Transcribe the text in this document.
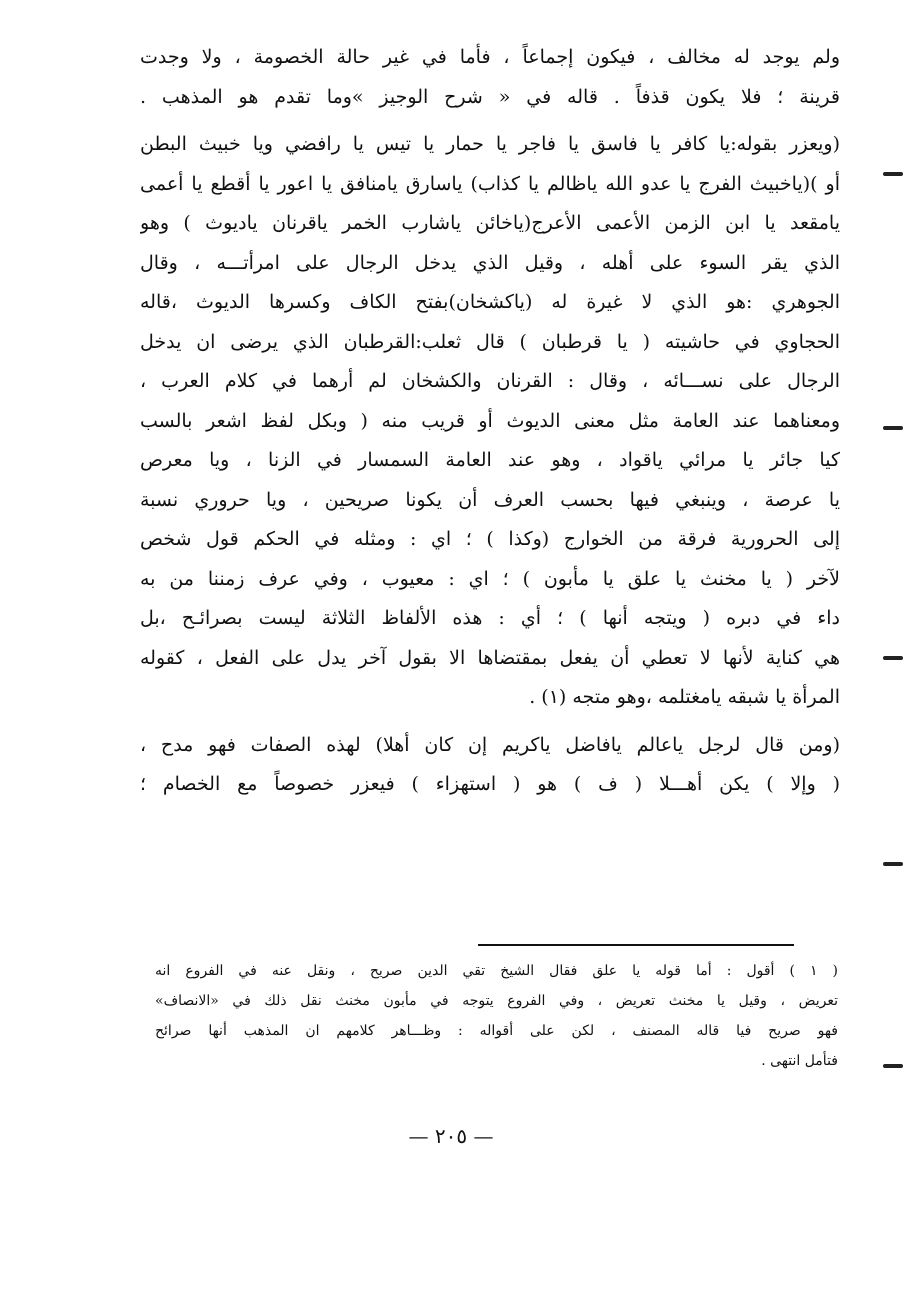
ولم يوجد له مخالف ، فيكون إجماعاً ، فأما في غير حالة الخصومة ، ولا وجدت
قرينة ؛ فلا يكون قذفاً . قاله في « شرح الوجيز »وما تقدم هو المذهب .
(ويعزر بقوله:يا كافر يا فاسق يا فاجر يا حمار يا تيس يا رافضي ويا خبيث البطن
أو )(ياخبيث الفرج يا عدو الله ياظالم يا كذاب) ياسارق يامنافق يا اعور يا أقطع يا أعمى
يامقعد يا ابن الزمن الأعمى الأعرج(ياخائن ياشارب الخمر ياقرنان ياديوث ) وهو
الذي يقر السوء على أهله ، وقيل الذي يدخل الرجال على امرأتـــه ، وقال
الجوهري :هو الذي لا غيرة له (ياكشخان)بفتح الكاف وكسرها الديوث ،قاله
الحجاوي في حاشيته ( يا قرطبان ) قال ثعلب:القرطبان الذي يرضى ان يدخل
الرجال على نســـائه ، وقال : القرنان والكشخان لم أرهما في كلام العرب ،
ومعناهما عند العامة مثل معنى الديوث أو قريب منه ( وبكل لفظ اشعر بالسب
كيا جائر يا مرائي ياقواد ، وهو عند العامة السمسار في الزنا ، ويا معرص
يا عرصة ، وينبغي فيها بحسب العرف أن يكونا صريحين ، ويا حروري نسبة
إلى الحرورية فرقة من الخوارج (وكذا ) ؛ اي : ومثله في الحكم قول شخص
لآخر ( يا مخنث يا علق يا مأبون ) ؛ اي : معيوب ، وفي عرف زمننا من به
داء في دبره ( ويتجه أنها ) ؛ أي : هذه الألفاظ الثلاثة ليست بصرائـح ،بل
هي كناية لأنها لا تعطي أن يفعل بمقتضاها الا بقول آخر يدل على الفعل ، كقوله
المرأة يا شبقه يامغتلمه ،وهو متجه (١) .
(ومن قال لرجل ياعالم يافاضل ياكريم إن كان أهلا) لهذه الصفات فهو مدح ،
( وإلا ) يكن أهـــلا ( ف ) هو ( استهزاء ) فيعزر خصوصاً مع الخصام ؛
( ١ ) أقول : أما قوله يا علق فقال الشيخ تقي الدين صريح ، ونقل عنه في الفروع انه
تعريض ، وقيل يا مخنث تعريض ، وفي الفروع يتوجه في مأبون مخنث نقل ذلك في «الانصاف»
فهو صريح فيا قاله المصنف ، لكن على أقواله : وظـــاهر كلامهم ان المذهب أنها صرائح
فتأمل انتهى .
— ٢٠٥ —
